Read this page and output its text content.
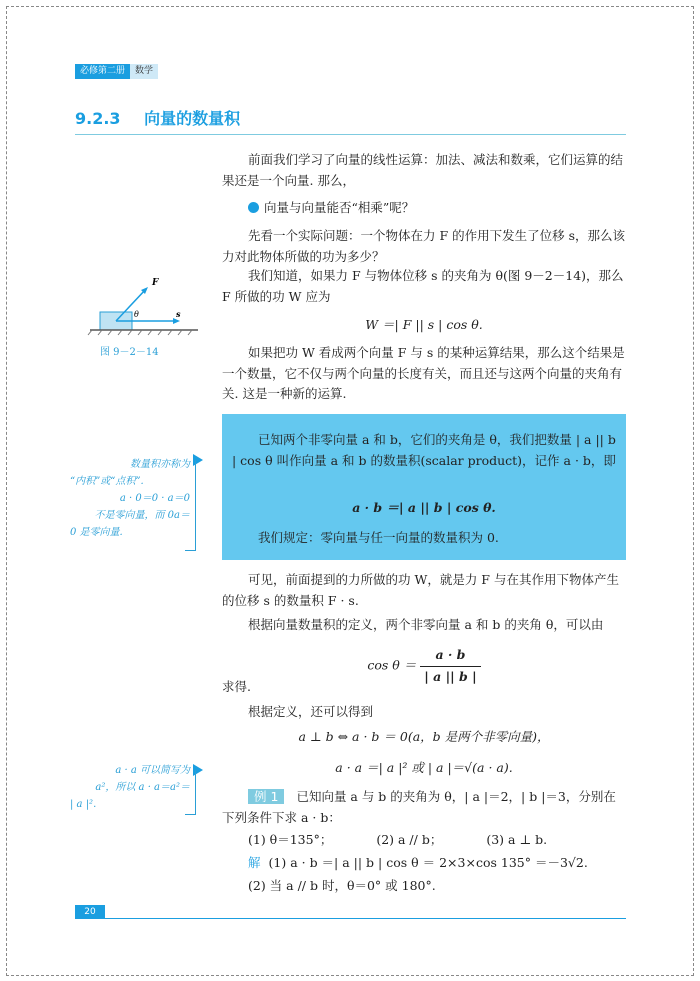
必修第二册	数学
9.2.3 向量的数量积
前面我们学习了向量的线性运算：加法、减法和数乘，它们运算的结果还是一个向量. 那么，
向量与向量能否“相乘”呢？
先看一个实际问题：一个物体在力 F 的作用下发生了位移 s，那么该力对此物体所做的功为多少？
我们知道，如果力 F 与物体位移 s 的夹角为 θ(图 9－2－14)，那么 F 所做的功 W 应为
W ＝| F || s | cos θ.
F
θ	s
图 9－2－14	如果把功 W 看成两个向量 F 与 s 的某种运算结果，那么这个结果是一个数量，它不仅与两个向量的长度有关，而且还与这两个向量的夹角有关. 这是一种新的运算.
已知两个非零向量 a 和 b，它们的夹角是 θ，我们把数量 | a || b | cos θ 叫作向量 a 和 b 的数量积(scalar product)，记作 a · b，即
a · b ＝| a || b | cos θ.
我们规定：零向量与任一向量的数量积为 0.
数量积亦称为
“内积”或“点积”.
a · 0＝0 · a＝0
不是零向量，而 0a＝
0 是零向量.
可见，前面提到的力所做的功 W，就是力 F 与在其作用下物体产生的位移 s 的数量积 F · s.
根据向量数量积的定义，两个非零向量 a 和 b 的夹角 θ，可以由
$\cos \theta = \frac{a \cdot b}{| a || b |}$
求得.
根据定义，还可以得到
a ⊥ b ⇔ a · b ＝ 0(a，b 是两个非零向量)，
a · a ＝| a |² 或 | a |＝√(a · a).
a · a 可以简写为
a²，所以 a · a＝a²＝
| a |².
例 1 已知向量 a 与 b 的夹角为 θ，| a |＝2，| b |＝3，分别在下列条件下求 a · b：
(1) θ＝135°；	(2) a // b；	(3) a ⊥ b.
解 (1) a · b ＝| a || b | cos θ ＝ 2×3×cos 135° ＝－3√2.
(2) 当 a // b 时，θ＝0° 或 180°.
20
